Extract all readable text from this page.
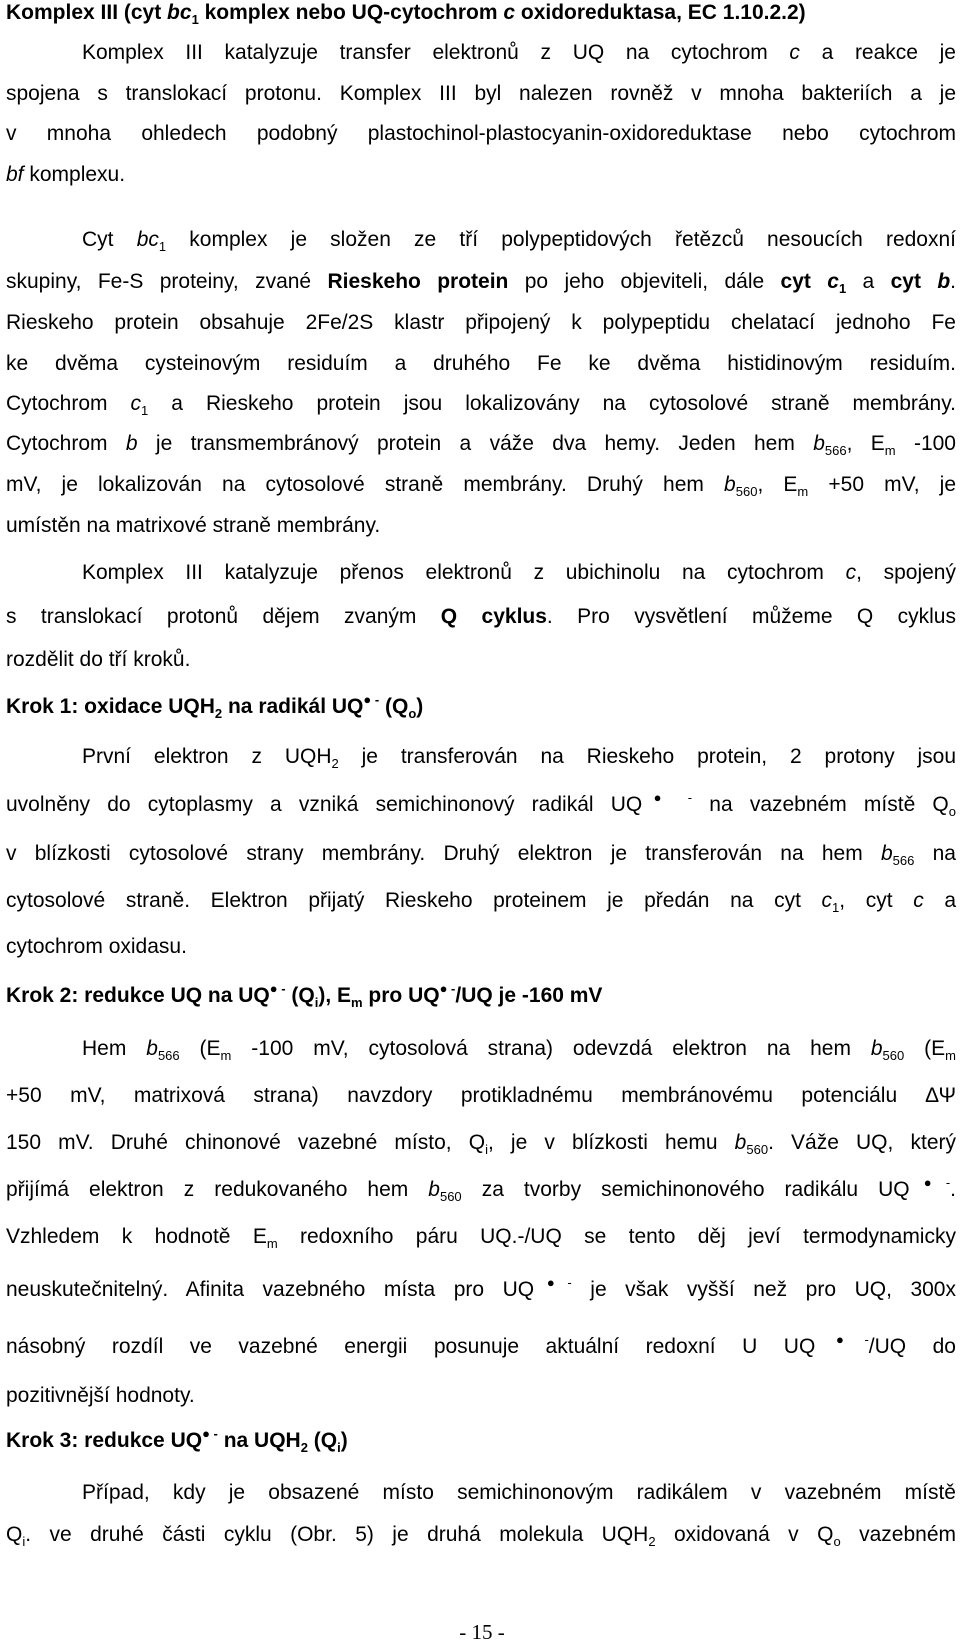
Komplex III (cyt $bc_1$ komplex nebo UQ-cytochrom c oxidoreduktasa, EC 1.10.2.2)
Komplex III katalyzuje transfer elektronů z UQ na cytochrom c a reakce je
spojena s translokací protonu. Komplex III byl nalezen rovněž v mnoha bakteriích a je
v mnoha ohledech podobný plastochinol-plastocyanin-oxidoreduktase nebo cytochrom
bf komplexu.
Cyt $bc_1$ komplex je složen ze tří polypeptidových řetězců nesoucích redoxní
skupiny, Fe-S proteiny, zvané Rieskeho protein po jeho objeviteli, dále cyt $c_1$ a cyt b.
Rieskeho protein obsahuje 2Fe/2S klastr připojený k polypeptidu chelatací jednoho Fe
ke dvěma cysteinovým residuím a druhého Fe ke dvěma histidinovým residuím.
Cytochrom $c_1$ a Rieskeho protein jsou lokalizovány na cytosolové straně membrány.
Cytochrom b je transmembránový protein a váže dva hemy. Jeden hem $b_{566}$, $E_m$ -100
mV, je lokalizován na cytosolové straně membrány. Druhý hem $b_{560}$, $E_m +50$ mV, je
umístěn na matrixové straně membrány.
Komplex III katalyzuje přenos elektronů z ubichinolu na cytochrom c, spojený
s translokací protonů dějem zvaným Q cyklus. Pro vysvětlení můžeme Q cyklus
rozdělit do tří kroků.
Krok 1: oxidace $UQH_2$ na radikál UQ● - $(Q_o)$
První elektron z $UQH_2$ je transferován na Rieskeho protein, 2 protony jsou
uvolněny do cytoplasmy a vzniká semichinonový radikál UQ● - na vazebném místě $Q_o$
v blízkosti cytosolové strany membrány. Druhý elektron je transferován na hem $b_{566}$ na
cytosolové straně. Elektron přijatý Rieskeho proteinem je předán na cyt $c_1$, cyt c a
cytochrom oxidasu.
Krok 2: redukce UQ na UQ● - $(Q_i)$, $E_m$ pro UQ● -/UQ je -160 mV
Hem $b_{566}$ ($E_m$ -100 mV, cytosolová strana) odevzdá elektron na hem $b_{560}$ ($E_m$
+50 mV, matrixová strana) navzdory protikladnému membránovému potenciálu ∆Ψ
150 mV. Druhé chinonové vazebné místo, $Q_i$, je v blízkosti hemu $b_{560}$. Váže UQ, který
přijímá elektron z redukovaného hem $b_{560}$ za tvorby semichinonového radikálu UQ●-.
Vzhledem k hodnotě $E_m$ redoxního páru UQ.-/UQ se tento děj jeví termodynamicky
neuskutečnitelný. Afinita vazebného místa pro UQ●- je však vyšší než pro UQ, 300x
násobný rozdíl ve vazebné energii posunuje aktuální redoxní U UQ●-/UQ do
pozitivnější hodnoty.
Krok 3: redukce UQ● - na $UQH_2$ $(Q_i)$
Případ, kdy je obsazené místo semichinonovým radikálem v vazebném místě
$Q_i$. ve druhé části cyklu (Obr. 5) je druhá molekula $UQH_2$ oxidovaná v $Q_o$ vazebném
- 15 -
